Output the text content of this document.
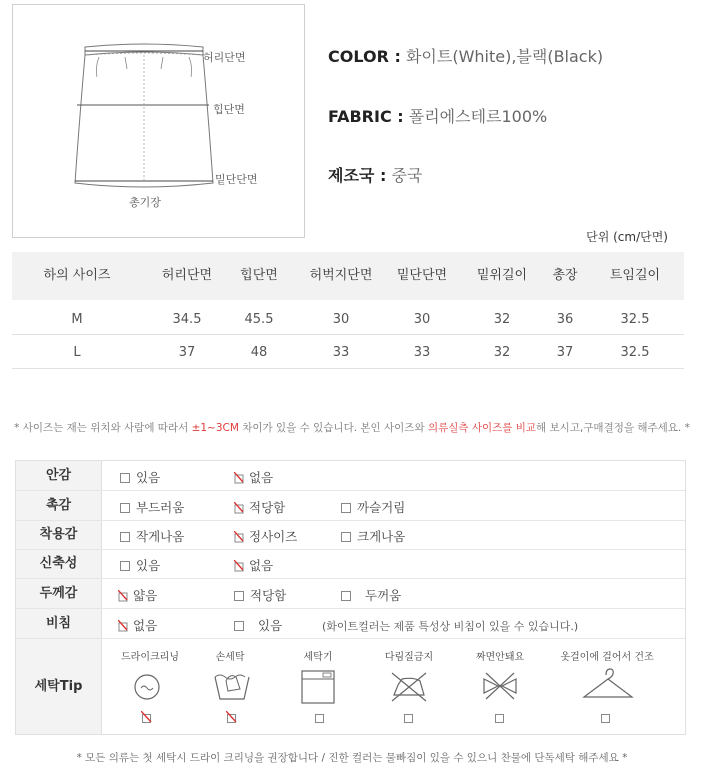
허리단면
힙단면
밑단단면
총기장
COLOR : 화이트(White),블랙(Black)
FABRIC : 폴리에스테르100%
제조국 : 중국
단위 (cm/단면)
하의 사이즈	허리단면	힙단면	허벅지단면	밑단단면	밑위길이	총장	트임길이
M	34.5	45.5	30	30	32	36	32.5
L	37	48	33	33	32	37	32.5
* 사이즈는 재는 위치와 사람에 따라서 ±1~3CM 차이가 있을 수 있습니다. 본인 사이즈와 의류실측 사이즈를 비교해 보시고,구매결정을 해주세요. *
안감	있음	없음
촉감	부드러움	적당함	까슬거림
착용감	작게나옴	정사이즈	크게나옴
신축성	있음	없음
두께감	얇음	적당함	두꺼움
비침	없음	있음	(화이트컬러는 제품 특성상 비침이 있을 수 있습니다.)
세탁Tip
드라이크리닝	손세탁	세탁기	다림질금지	짜면안돼요	옷걸이에 걸어서 건조
* 모든 의류는 첫 세탁시 드라이 크리닝을 권장합니다 / 진한 컬러는 물빠짐이 있을 수 있으니 찬물에 단독세탁 해주세요 *
